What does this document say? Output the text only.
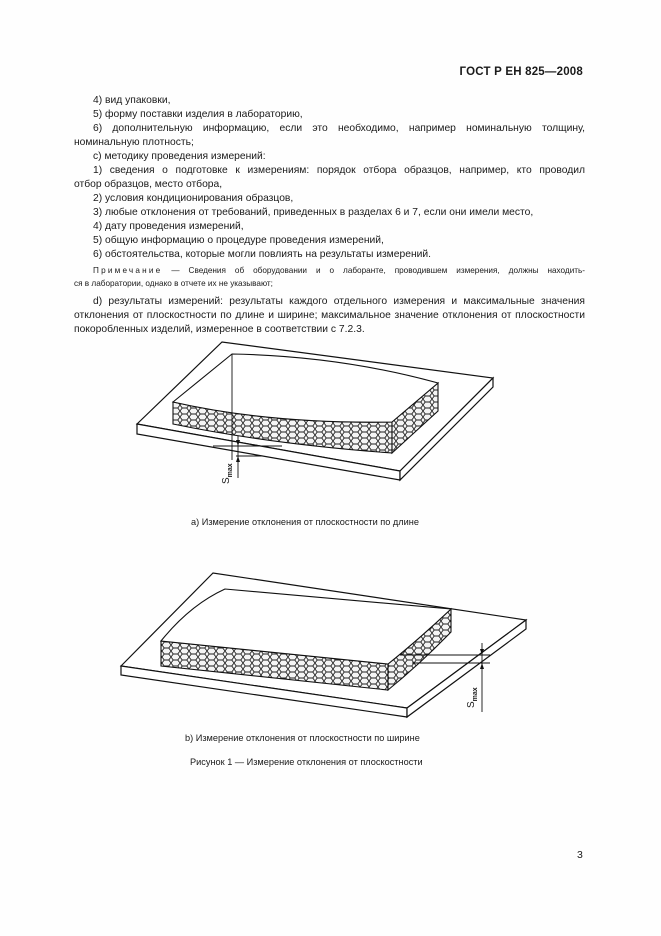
ГОСТ Р ЕН 825—2008
4) вид упаковки,
5) форму поставки изделия в лабораторию,
6) дополнительную информацию, если это необходимо, например номинальную толщину,
номинальную плотность;
c) методику проведения измерений:
1) сведения о подготовке к измерениям: порядок отбора образцов, например, кто проводил
отбор образцов, место отбора,
2) условия кондиционирования образцов,
3) любые отклонения от требований, приведенных в разделах 6 и 7, если они имели место,
4) дату проведения измерений,
5) общую информацию о процедуре проведения измерений,
6) обстоятельства, которые могли повлиять на результаты измерений.
Примечание — Сведения об оборудовании и о лаборанте, проводившем измерения, должны находить-
ся в лаборатории, однако в отчете их не указывают;
d) результаты измерений: результаты каждого отдельного измерения и максимальные значения
отклонения от плоскостности по длине и ширине; максимальное значение отклонения от плоскостности
покоробленных изделий, измеренное в соответствии с 7.2.3.
$S_{max}$
$S_{max}$
a) Измерение отклонения от плоскостности по длине
b) Измерение отклонения от плоскостности по ширине
Рисунок 1 — Измерение отклонения от плоскостности
3
